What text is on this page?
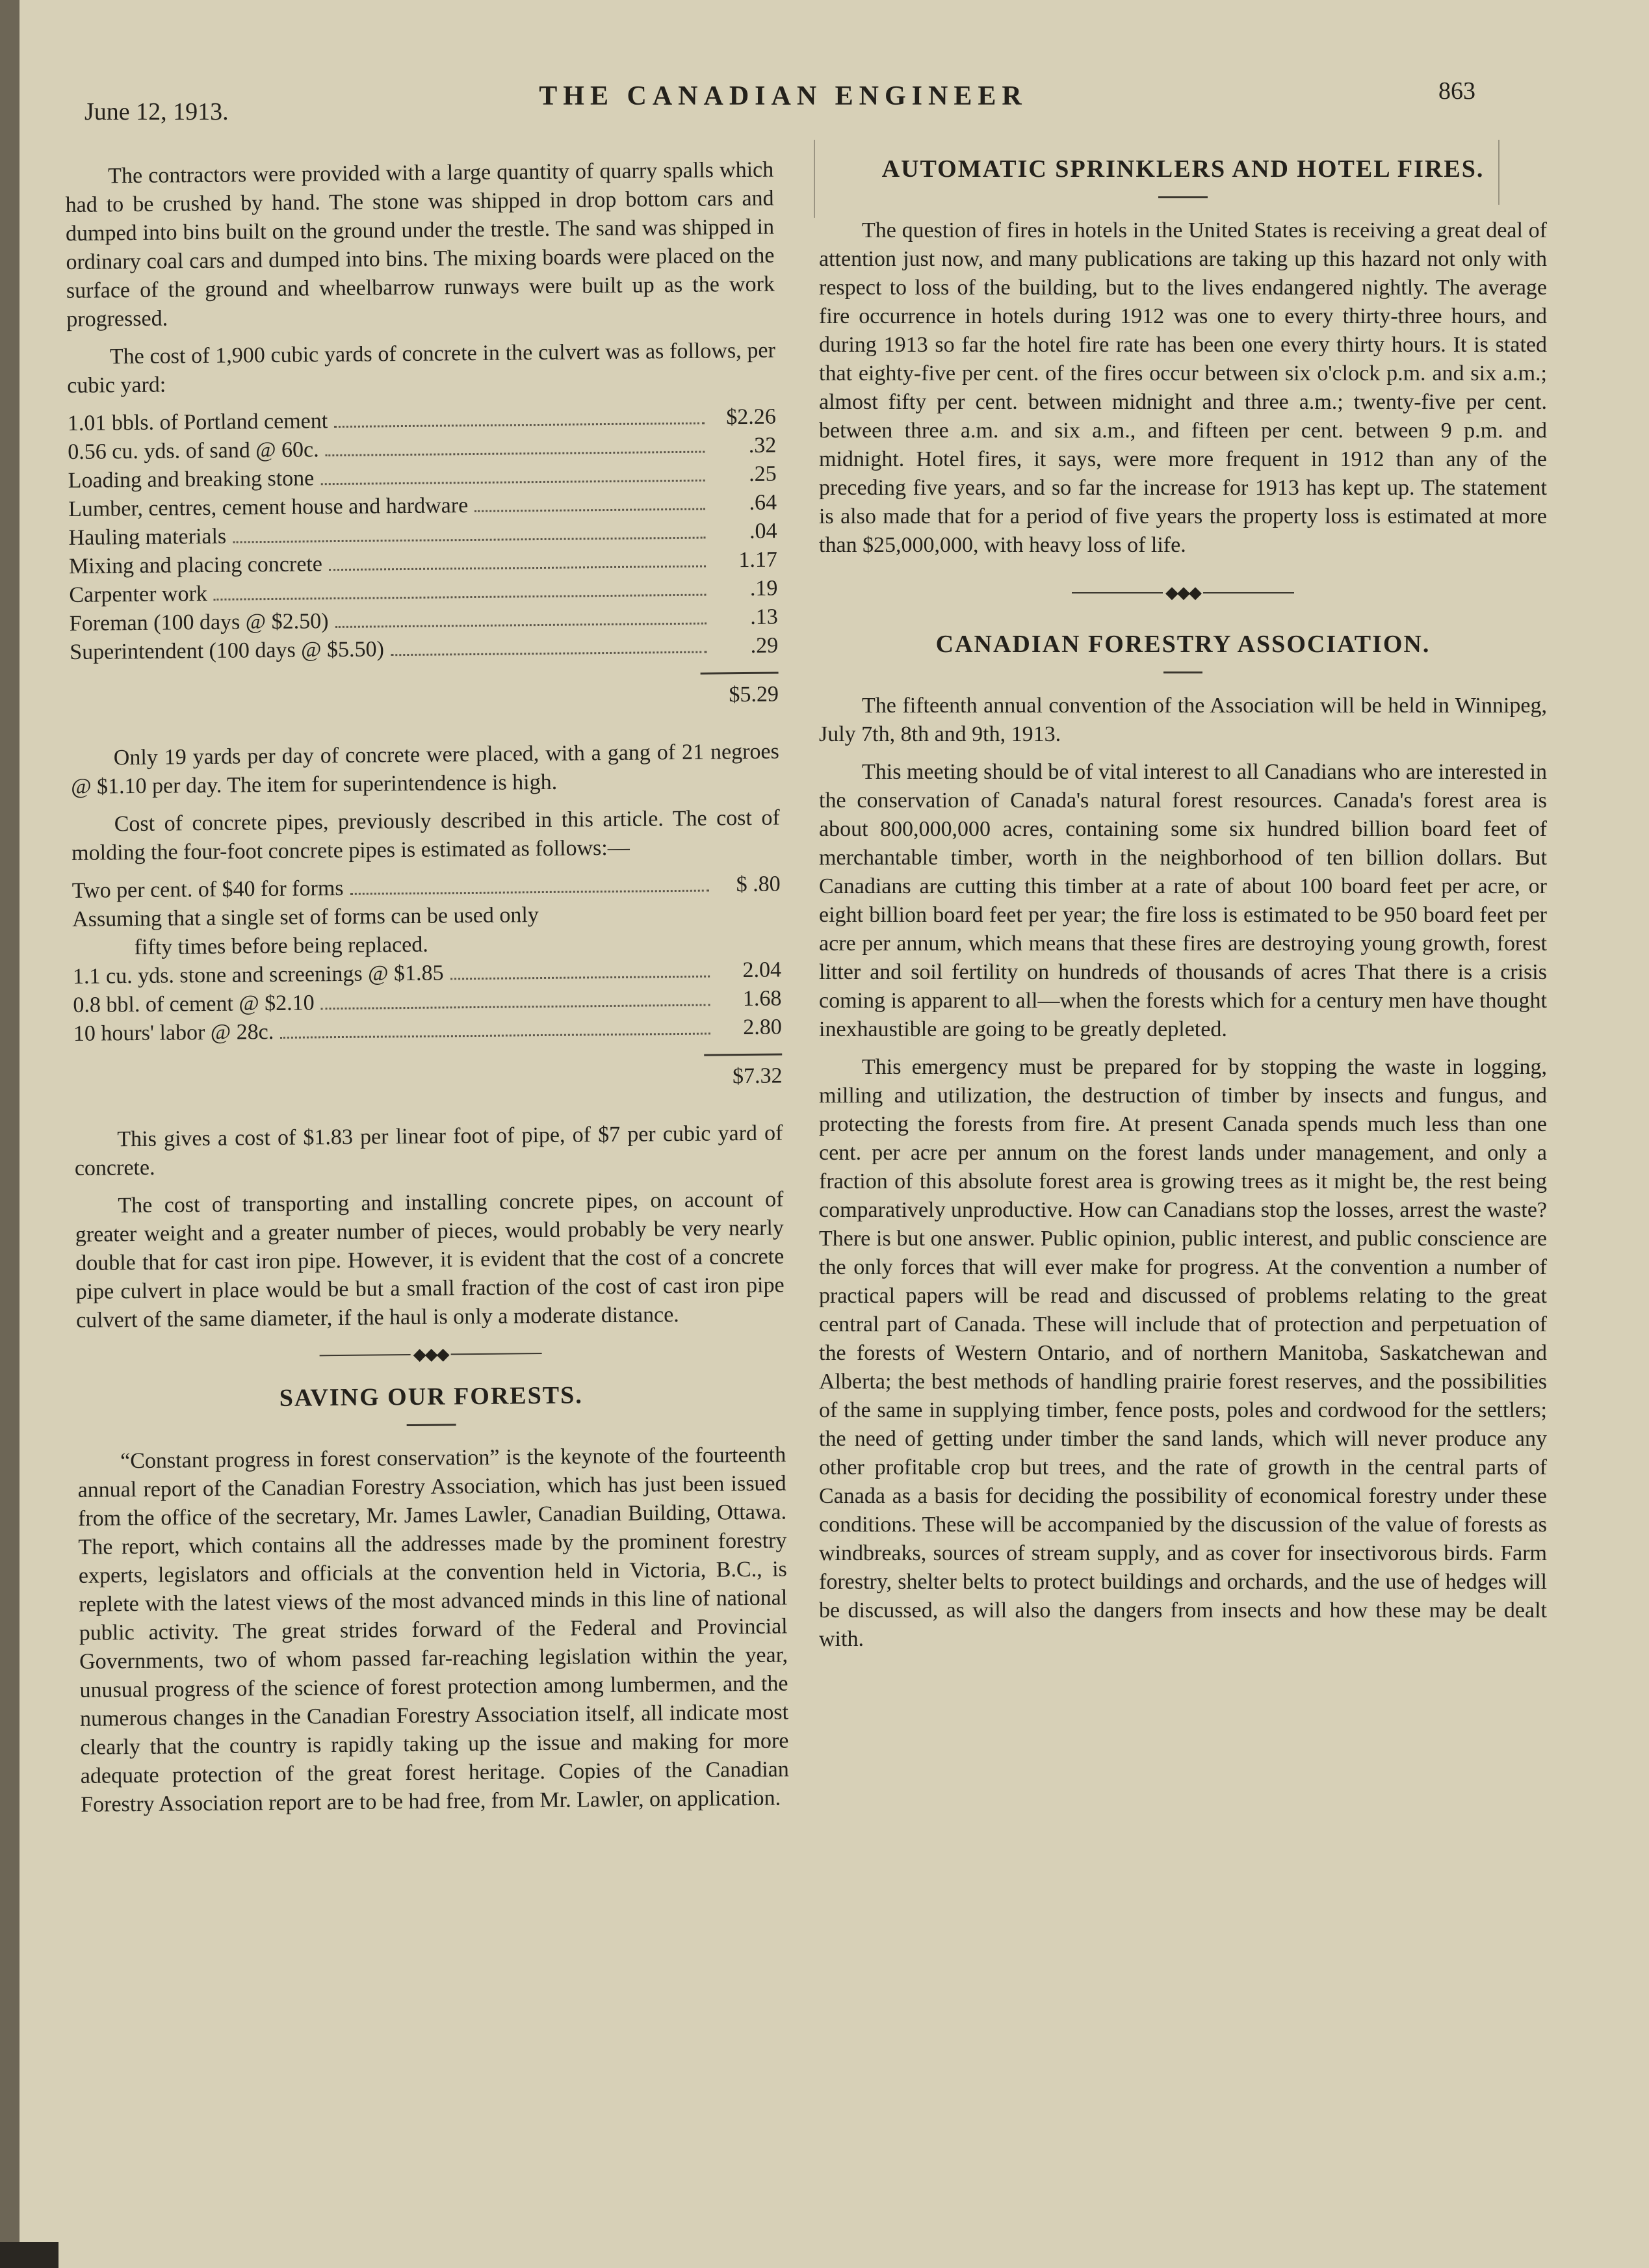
June 12, 1913.
THE CANADIAN ENGINEER	863

The contractors were provided with a large quantity of quarry spalls which had to be crushed by hand. The stone was shipped in drop bottom cars and dumped into bins built on the ground under the trestle. The sand was shipped in ordinary coal cars and dumped into bins. The mixing boards were placed on the surface of the ground and wheelbarrow runways were built up as the work progressed.

The cost of 1,900 cubic yards of concrete in the culvert was as follows, per cubic yard:

1.01 bbls. of Portland cement	$2.26
0.56 cu. yds. of sand @ 60c.	.32
Loading and breaking stone	.25
Lumber, centres, cement house and hardware	.64
Hauling materials	.04
Mixing and placing concrete	1.17
Carpenter work	.19
Foreman (100 days @ $2.50)	.13
Superintendent (100 days @ $5.50)	.29
$5.29

Only 19 yards per day of concrete were placed, with a gang of 21 negroes @ $1.10 per day. The item for superintendence is high.

Cost of concrete pipes, previously described in this article. The cost of molding the four-foot concrete pipes is estimated as follows:—

Two per cent. of $40 for forms	$ .80
Assuming that a single set of forms can be used only
fifty times before being replaced.
1.1 cu. yds. stone and screenings @ $1.85	2.04
0.8 bbl. of cement @ $2.10	1.68
10 hours' labor @ 28c.	2.80
$7.32

This gives a cost of $1.83 per linear foot of pipe, of $7 per cubic yard of concrete.

The cost of transporting and installing concrete pipes, on account of greater weight and a greater number of pieces, would probably be very nearly double that for cast iron pipe. However, it is evident that the cost of a concrete pipe culvert in place would be but a small fraction of the cost of cast iron pipe culvert of the same diameter, if the haul is only a moderate distance.

◆◆◆
SAVING OUR FORESTS.

“Constant progress in forest conservation” is the keynote of the fourteenth annual report of the Canadian Forestry Association, which has just been issued from the office of the secretary, Mr. James Lawler, Canadian Building, Ottawa. The report, which contains all the addresses made by the prominent forestry experts, legislators and officials at the convention held in Victoria, B.C., is replete with the latest views of the most advanced minds in this line of national public activity. The great strides forward of the Federal and Provincial Governments, two of whom passed far-reaching legislation within the year, unusual progress of the science of forest protection among lumbermen, and the numerous changes in the Canadian Forestry Association itself, all indicate most clearly that the country is rapidly taking up the issue and making for more adequate protection of the great forest heritage. Copies of the Canadian Forestry Association report are to be had free, from Mr. Lawler, on application.

AUTOMATIC SPRINKLERS AND HOTEL FIRES.

The question of fires in hotels in the United States is receiving a great deal of attention just now, and many publications are taking up this hazard not only with respect to loss of the building, but to the lives endangered nightly. The average fire occurrence in hotels during 1912 was one to every thirty-three hours, and during 1913 so far the hotel fire rate has been one every thirty hours. It is stated that eighty-five per cent. of the fires occur between six o'clock p.m. and six a.m.; almost fifty per cent. between midnight and three a.m.; twenty-five per cent. between three a.m. and six a.m., and fifteen per cent. between 9 p.m. and midnight. Hotel fires, it says, were more frequent in 1912 than any of the preceding five years, and so far the increase for 1913 has kept up. The statement is also made that for a period of five years the property loss is estimated at more than $25,000,000, with heavy loss of life.

◆◆◆
CANADIAN FORESTRY ASSOCIATION.

The fifteenth annual convention of the Association will be held in Winnipeg, July 7th, 8th and 9th, 1913.

This meeting should be of vital interest to all Canadians who are interested in the conservation of Canada's natural forest resources. Canada's forest area is about 800,000,000 acres, containing some six hundred billion board feet of merchantable timber, worth in the neighborhood of ten billion dollars. But Canadians are cutting this timber at a rate of about 100 board feet per acre, or eight billion board feet per year; the fire loss is estimated to be 950 board feet per acre per annum, which means that these fires are destroying young growth, forest litter and soil fertility on hundreds of thousands of acres That there is a crisis coming is apparent to all—when the forests which for a century men have thought inexhaustible are going to be greatly depleted.

This emergency must be prepared for by stopping the waste in logging, milling and utilization, the destruction of timber by insects and fungus, and protecting the forests from fire. At present Canada spends much less than one cent. per acre per annum on the forest lands under management, and only a fraction of this absolute forest area is growing trees as it might be, the rest being comparatively unproductive. How can Canadians stop the losses, arrest the waste? There is but one answer. Public opinion, public interest, and public conscience are the only forces that will ever make for progress. At the convention a number of practical papers will be read and discussed of problems relating to the great central part of Canada. These will include that of protection and perpetuation of the forests of Western Ontario, and of northern Manitoba, Saskatchewan and Alberta; the best methods of handling prairie forest reserves, and the possibilities of the same in supplying timber, fence posts, poles and cordwood for the settlers; the need of getting under timber the sand lands, which will never produce any other profitable crop but trees, and the rate of growth in the central parts of Canada as a basis for deciding the possibility of economical forestry under these conditions. These will be accompanied by the discussion of the value of forests as windbreaks, sources of stream supply, and as cover for insectivorous birds. Farm forestry, shelter belts to protect buildings and orchards, and the use of hedges will be discussed, as will also the dangers from insects and how these may be dealt with.
